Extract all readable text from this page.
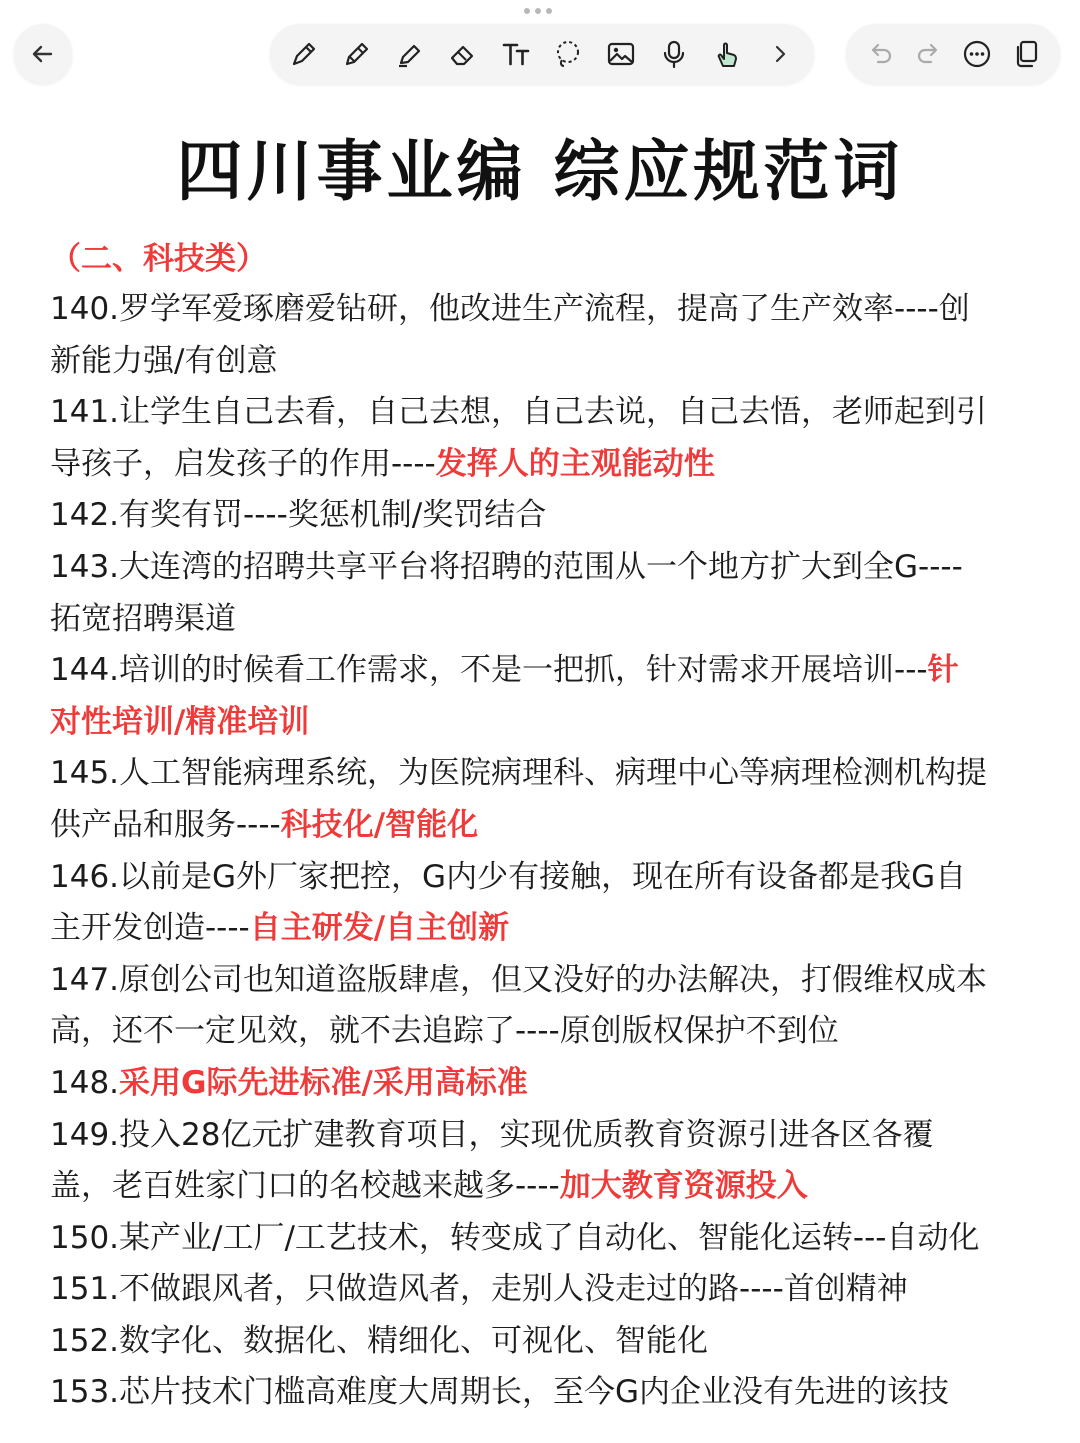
四川事业编 综应规范词
（二、科技类）
140.罗学军爱琢磨爱钻研，他改进生产流程，提高了生产效率----创
新能力强/有创意
141.让学生自己去看，自己去想，自己去说，自己去悟，老师起到引
导孩子，启发孩子的作用----发挥人的主观能动性
142.有奖有罚----奖惩机制/奖罚结合
143.大连湾的招聘共享平台将招聘的范围从一个地方扩大到全G----
拓宽招聘渠道
144.培训的时候看工作需求，不是一把抓，针对需求开展培训---针
对性培训/精准培训
145.人工智能病理系统，为医院病理科、病理中心等病理检测机构提
供产品和服务----科技化/智能化
146.以前是G外厂家把控，G内少有接触，现在所有设备都是我G自
主开发创造----自主研发/自主创新
147.原创公司也知道盗版肆虐，但又没好的办法解决，打假维权成本
高，还不一定见效，就不去追踪了----原创版权保护不到位
148.采用G际先进标准/采用高标准
149.投入28亿元扩建教育项目，实现优质教育资源引进各区各覆
盖，老百姓家门口的名校越来越多----加大教育资源投入
150.某产业/工厂/工艺技术，转变成了自动化、智能化运转---自动化
151.不做跟风者，只做造风者，走别人没走过的路----首创精神
152.数字化、数据化、精细化、可视化、智能化
153.芯片技术门槛高难度大周期长，至今G内企业没有先进的该技
